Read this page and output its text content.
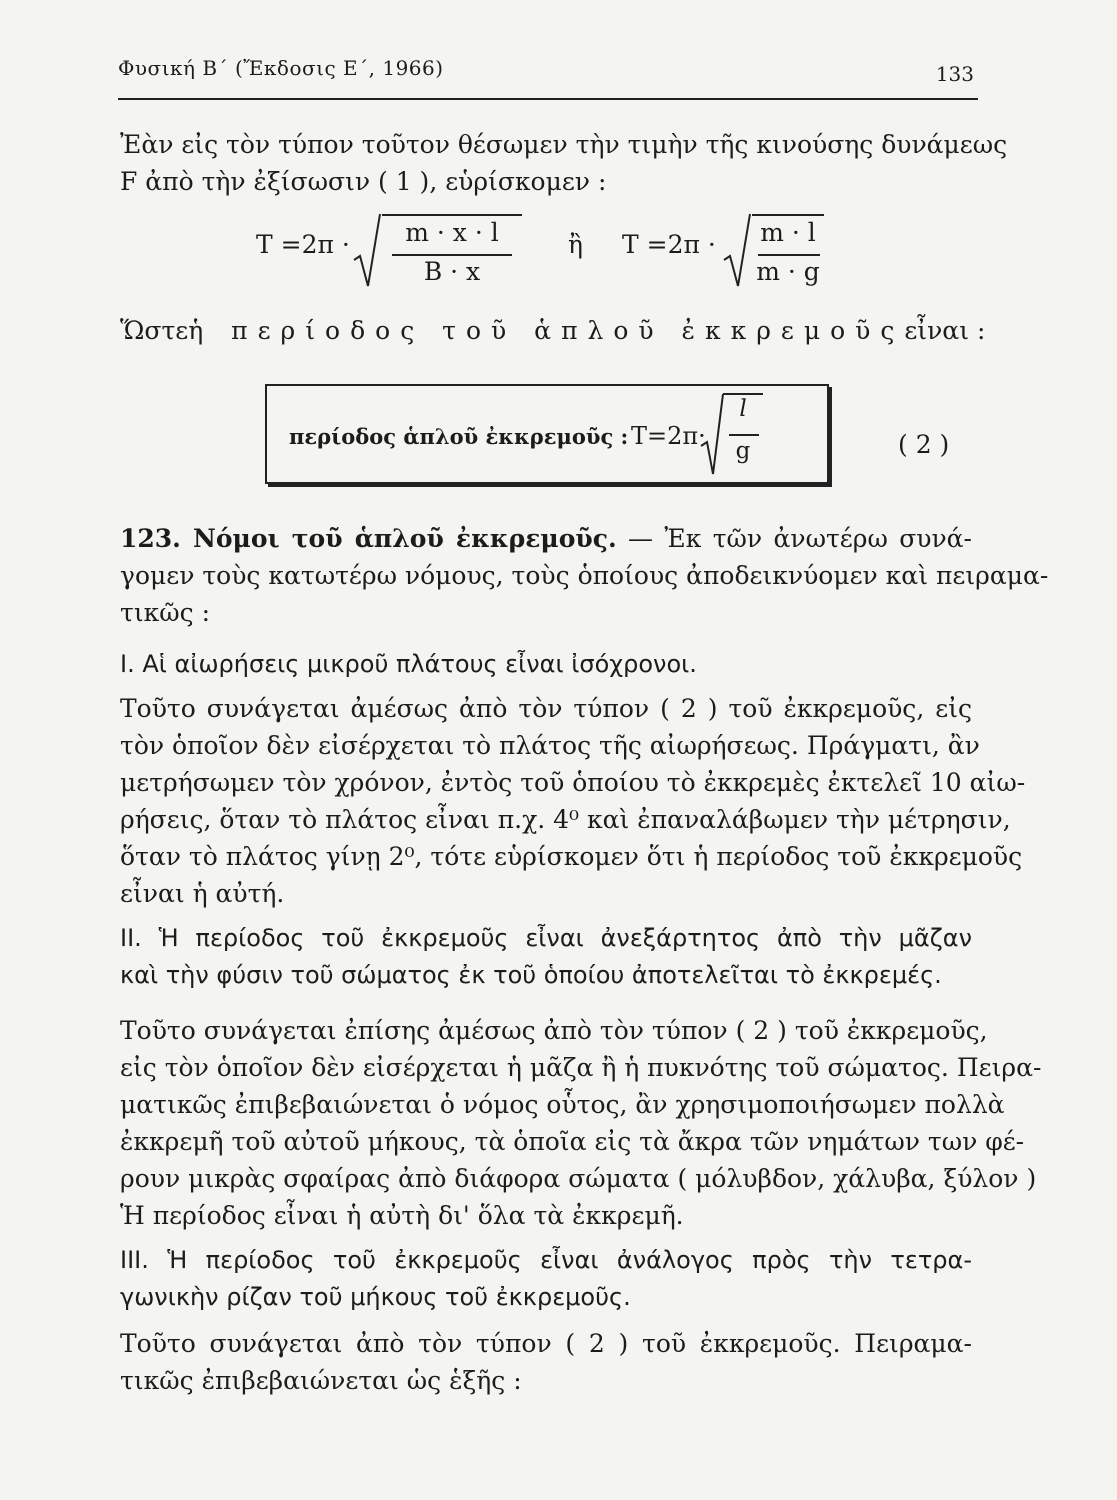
Φυσική Β΄ (Ἔκδοσις Ε΄, 1966)	133
Ἐὰν εἰς τὸν τύπον τοῦτον θέσωμεν τὴν τιμὴν τῆς κινούσης δυνάμεως
F ἀπὸ τὴν ἐξίσωσιν ( 1 ), εὑρίσκομεν :
T =2π ·	m · x · l
B · x
ἢ T =2π ·	m · l
m · g
Ὥστε ἡ περίοδος τοῦ ἁπλοῦ ἐκκρεμοῦς εἶναι :
περίοδος ἁπλοῦ ἐκκρεμοῦς : T=2π·
l
g	( 2 )
123. Νόμοι τοῦ ἁπλοῦ ἐκκρεμοῦς. — Ἐκ τῶν ἀνωτέρω συνά-
γομεν τοὺς κατωτέρω νόμους, τοὺς ὁποίους ἀποδεικνύομεν καὶ πειραμα-
τικῶς :
Ι. Αἱ αἰωρήσεις μικροῦ πλάτους εἶναι ἰσόχρονοι.
Τοῦτο συνάγεται ἀμέσως ἀπὸ τὸν τύπον ( 2 ) τοῦ ἐκκρεμοῦς, εἰς
τὸν ὁποῖον δὲν εἰσέρχεται τὸ πλάτος τῆς αἰωρήσεως. Πράγματι, ἂν
μετρήσωμεν τὸν χρόνον, ἐντὸς τοῦ ὁποίου τὸ ἐκκρεμὲς ἐκτελεῖ 10 αἰω-
ρήσεις, ὅταν τὸ πλάτος εἶναι π.χ. 4⁰ καὶ ἐπαναλάβωμεν τὴν μέτρησιν,
ὅταν τὸ πλάτος γίνῃ 2⁰, τότε εὑρίσκομεν ὅτι ἡ περίοδος τοῦ ἐκκρεμοῦς
εἶναι ἡ αὐτή.
ΙΙ. Ἡ περίοδος τοῦ ἐκκρεμοῦς εἶναι ἀνεξάρτητος ἀπὸ τὴν μᾶζαν
καὶ τὴν φύσιν τοῦ σώματος ἐκ τοῦ ὁποίου ἀποτελεῖται τὸ ἐκκρεμές.
Τοῦτο συνάγεται ἐπίσης ἀμέσως ἀπὸ τὸν τύπον ( 2 ) τοῦ ἐκκρεμοῦς,
εἰς τὸν ὁποῖον δὲν εἰσέρχεται ἡ μᾶζα ἢ ἡ πυκνότης τοῦ σώματος. Πειρα-
ματικῶς ἐπιβεβαιώνεται ὁ νόμος οὗτος, ἂν χρησιμοποιήσωμεν πολλὰ
ἐκκρεμῆ τοῦ αὐτοῦ μήκους, τὰ ὁποῖα εἰς τὰ ἄκρα τῶν νημάτων των φέ-
ρουν μικρὰς σφαίρας ἀπὸ διάφορα σώματα ( μόλυβδον, χάλυβα, ξύλον )
Ἡ περίοδος εἶναι ἡ αὐτὴ δι' ὅλα τὰ ἐκκρεμῆ.
ΙΙΙ. Ἡ περίοδος τοῦ ἐκκρεμοῦς εἶναι ἀνάλογος πρὸς τὴν τετρα-
γωνικὴν ρίζαν τοῦ μήκους τοῦ ἐκκρεμοῦς.
Τοῦτο συνάγεται ἀπὸ τὸν τύπον ( 2 ) τοῦ ἐκκρεμοῦς. Πειραμα-
τικῶς ἐπιβεβαιώνεται ὡς ἑξῆς :
